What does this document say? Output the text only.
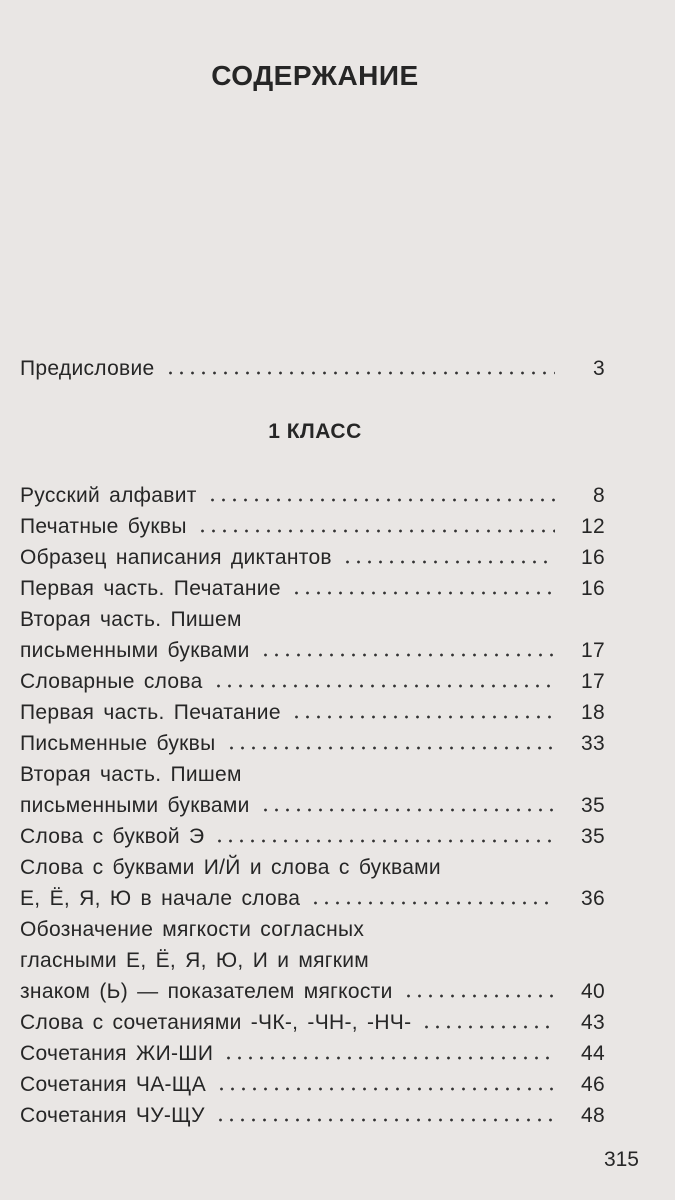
СОДЕРЖАНИЕ
Предисловие	3
1 КЛАСС
Русский алфавит	8
Печатные буквы	12
Образец написания диктантов	16
Первая часть. Печатание	16
Вторая часть. Пишем
письменными буквами	17
Словарные слова	17
Первая часть. Печатание	18
Письменные буквы	33
Вторая часть. Пишем
письменными буквами	35
Слова с буквой Э	35
Слова с буквами И/Й и слова с буквами
Е, Ё, Я, Ю в начале слова	36
Обозначение мягкости согласных
гласными Е, Ё, Я, Ю, И и мягким
знаком (Ь) — показателем мягкости	40
Слова с сочетаниями -ЧК-, -ЧН-, -НЧ-	43
Сочетания ЖИ-ШИ	44
Сочетания ЧА-ЩА	46
Сочетания ЧУ-ЩУ	48
315
